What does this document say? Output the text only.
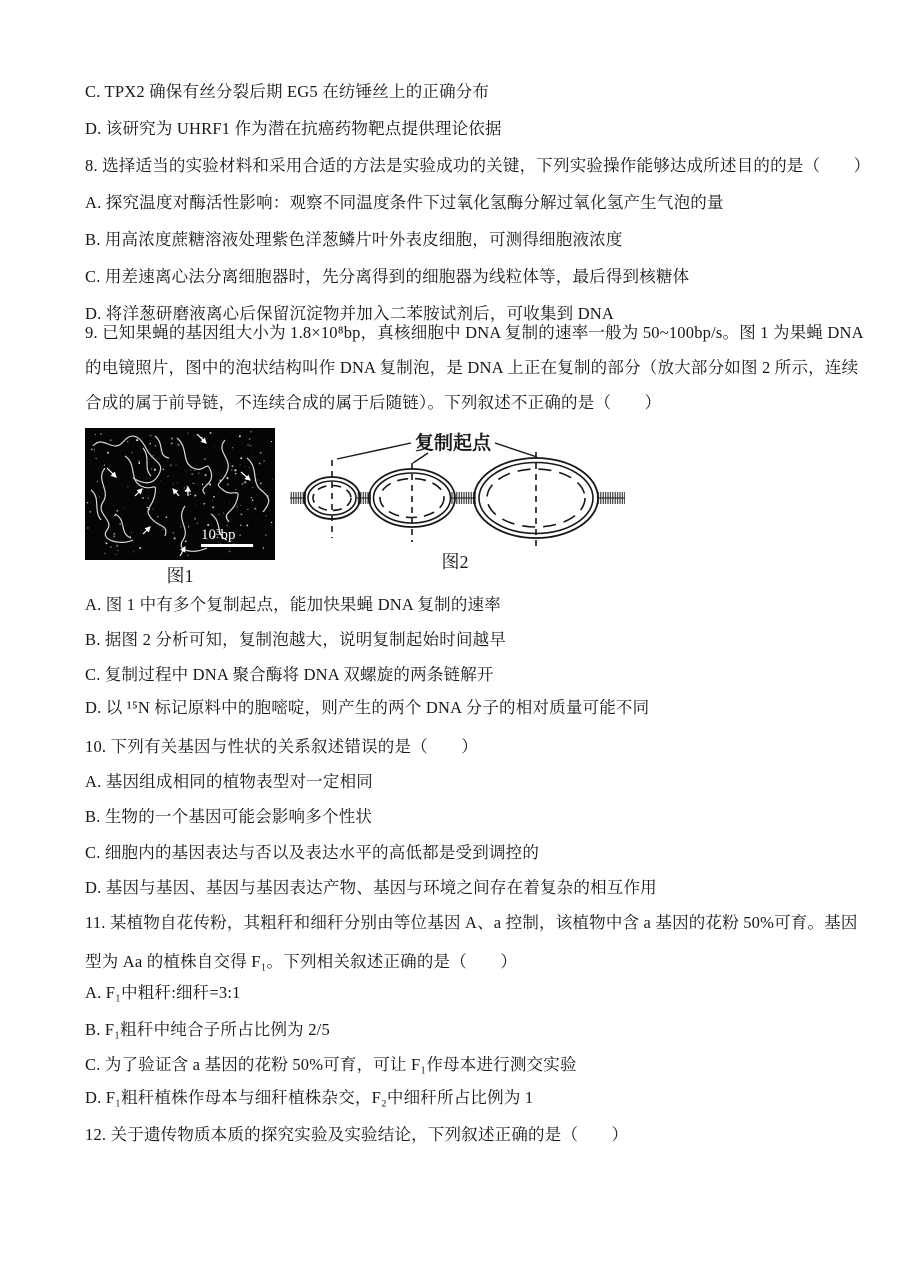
C. TPX2 确保有丝分裂后期 EG5 在纺锤丝上的正确分布
D. 该研究为 UHRF1 作为潜在抗癌药物靶点提供理论依据
8. 选择适当的实验材料和采用合适的方法是实验成功的关键，下列实验操作能够达成所述目的的是（　　）
A. 探究温度对酶活性影响：观察不同温度条件下过氧化氢酶分解过氧化氢产生气泡的量
B. 用高浓度蔗糖溶液处理紫色洋葱鳞片叶外表皮细胞，可测得细胞液浓度
C. 用差速离心法分离细胞器时，先分离得到的细胞器为线粒体等，最后得到核糖体
D. 将洋葱研磨液离心后保留沉淀物并加入二苯胺试剂后，可收集到 DNA
9. 已知果蝇的基因组大小为 1.8×10⁸bp，真核细胞中 DNA 复制的速率一般为 50~100bp/s。图 1 为果蝇 DNA
的电镜照片，图中的泡状结构叫作 DNA 复制泡，是 DNA 上正在复制的部分（放大部分如图 2 所示，连续
合成的属于前导链，不连续合成的属于后随链）。下列叙述不正确的是（　　）
10³bp
图1
复制起点
图2
A. 图 1 中有多个复制起点，能加快果蝇 DNA 复制的速率
B. 据图 2 分析可知，复制泡越大，说明复制起始时间越早
C. 复制过程中 DNA 聚合酶将 DNA 双螺旋的两条链解开
D. 以 ¹⁵N 标记原料中的胞嘧啶，则产生的两个 DNA 分子的相对质量可能不同
10. 下列有关基因与性状的关系叙述错误的是（　　）
A. 基因组成相同的植物表型对一定相同
B. 生物的一个基因可能会影响多个性状
C. 细胞内的基因表达与否以及表达水平的高低都是受到调控的
D. 基因与基因、基因与基因表达产物、基因与环境之间存在着复杂的相互作用
11. 某植物自花传粉，其粗秆和细秆分别由等位基因 A、a 控制，该植物中含 a 基因的花粉 50%可育。基因
型为 Aa 的植株自交得 F₁。下列相关叙述正确的是（　　）
A. F₁中粗秆:细秆=3:1
B. F₁粗秆中纯合子所占比例为 2/5
C. 为了验证含 a 基因的花粉 50%可育，可让 F₁作母本进行测交实验
D. F₁粗秆植株作母本与细秆植株杂交，F₂中细秆所占比例为 1
12. 关于遗传物质本质的探究实验及实验结论，下列叙述正确的是（　　）
